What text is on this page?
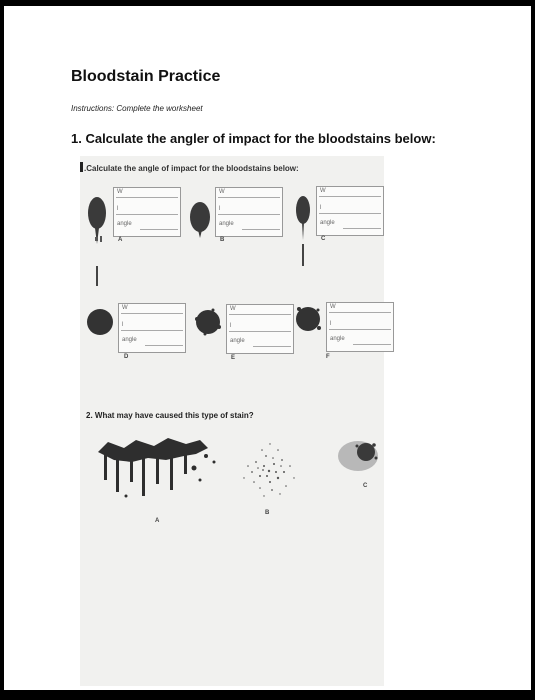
Bloodstain Practice
Instructions: Complete the worksheet
1. Calculate the angler of impact for the bloodstains below:
.Calculate the angle of impact for the bloodstains below:
W
l
angle
A
W
l
angle
B
W
l
angle
C
W
l
angle
D
W
l
angle
E
W
l
angle
F
2. What may have caused this type of stain?
A
B
C
